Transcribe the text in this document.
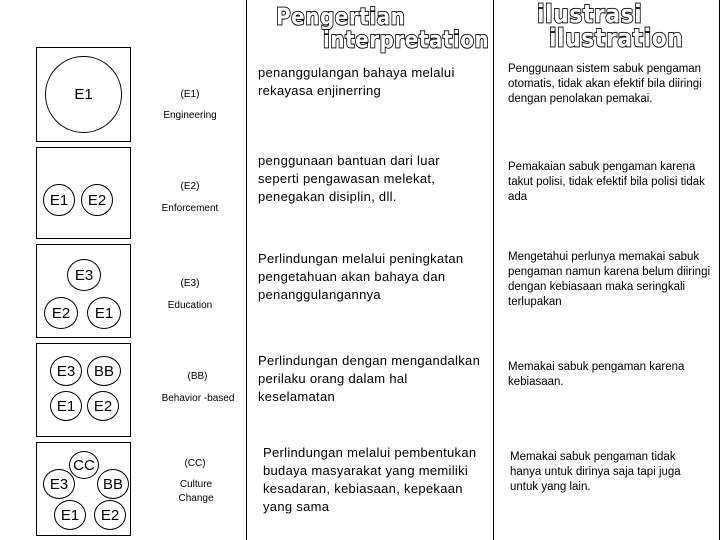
Pengertian
interpretation
ilustrasi
ilustration
E1	(E1)
Engineering
penanggulangan bahaya melalui rekayasa enjinerring
Penggunaan sistem sabuk pengaman otomatis, tidak akan efektif bila diiringi dengan penolakan pemakai.
E1 E2
(E2)
Enforcement
penggunaan bantuan dari luar seperti pengawasan melekat, penegakan disiplin, dll.
Pemakaian sabuk pengaman karena takut polisi, tidak efektif bila polisi tidak ada
E3
E2 E1
(E3)
Education
Perlindungan melalui peningkatan pengetahuan akan bahaya dan penanggulangannya
Mengetahui perlunya memakai sabuk pengaman namun karena belum diiringi dengan kebiasaan maka seringkali terlupakan
E3 BB
E1 E2
(BB)
Behavior -based
Perlindungan dengan mengandalkan perilaku orang dalam hal keselamatan
Memakai sabuk pengaman karena kebiasaan.
CC
E3 BB
E1 E2
(CC)
Culture Change
Perlindungan melalui pembentukan budaya masyarakat yang memiliki kesadaran, kebiasaan, kepekaan yang sama
Memakai sabuk pengaman tidak hanya untuk dirinya saja tapi juga untuk yang lain.
